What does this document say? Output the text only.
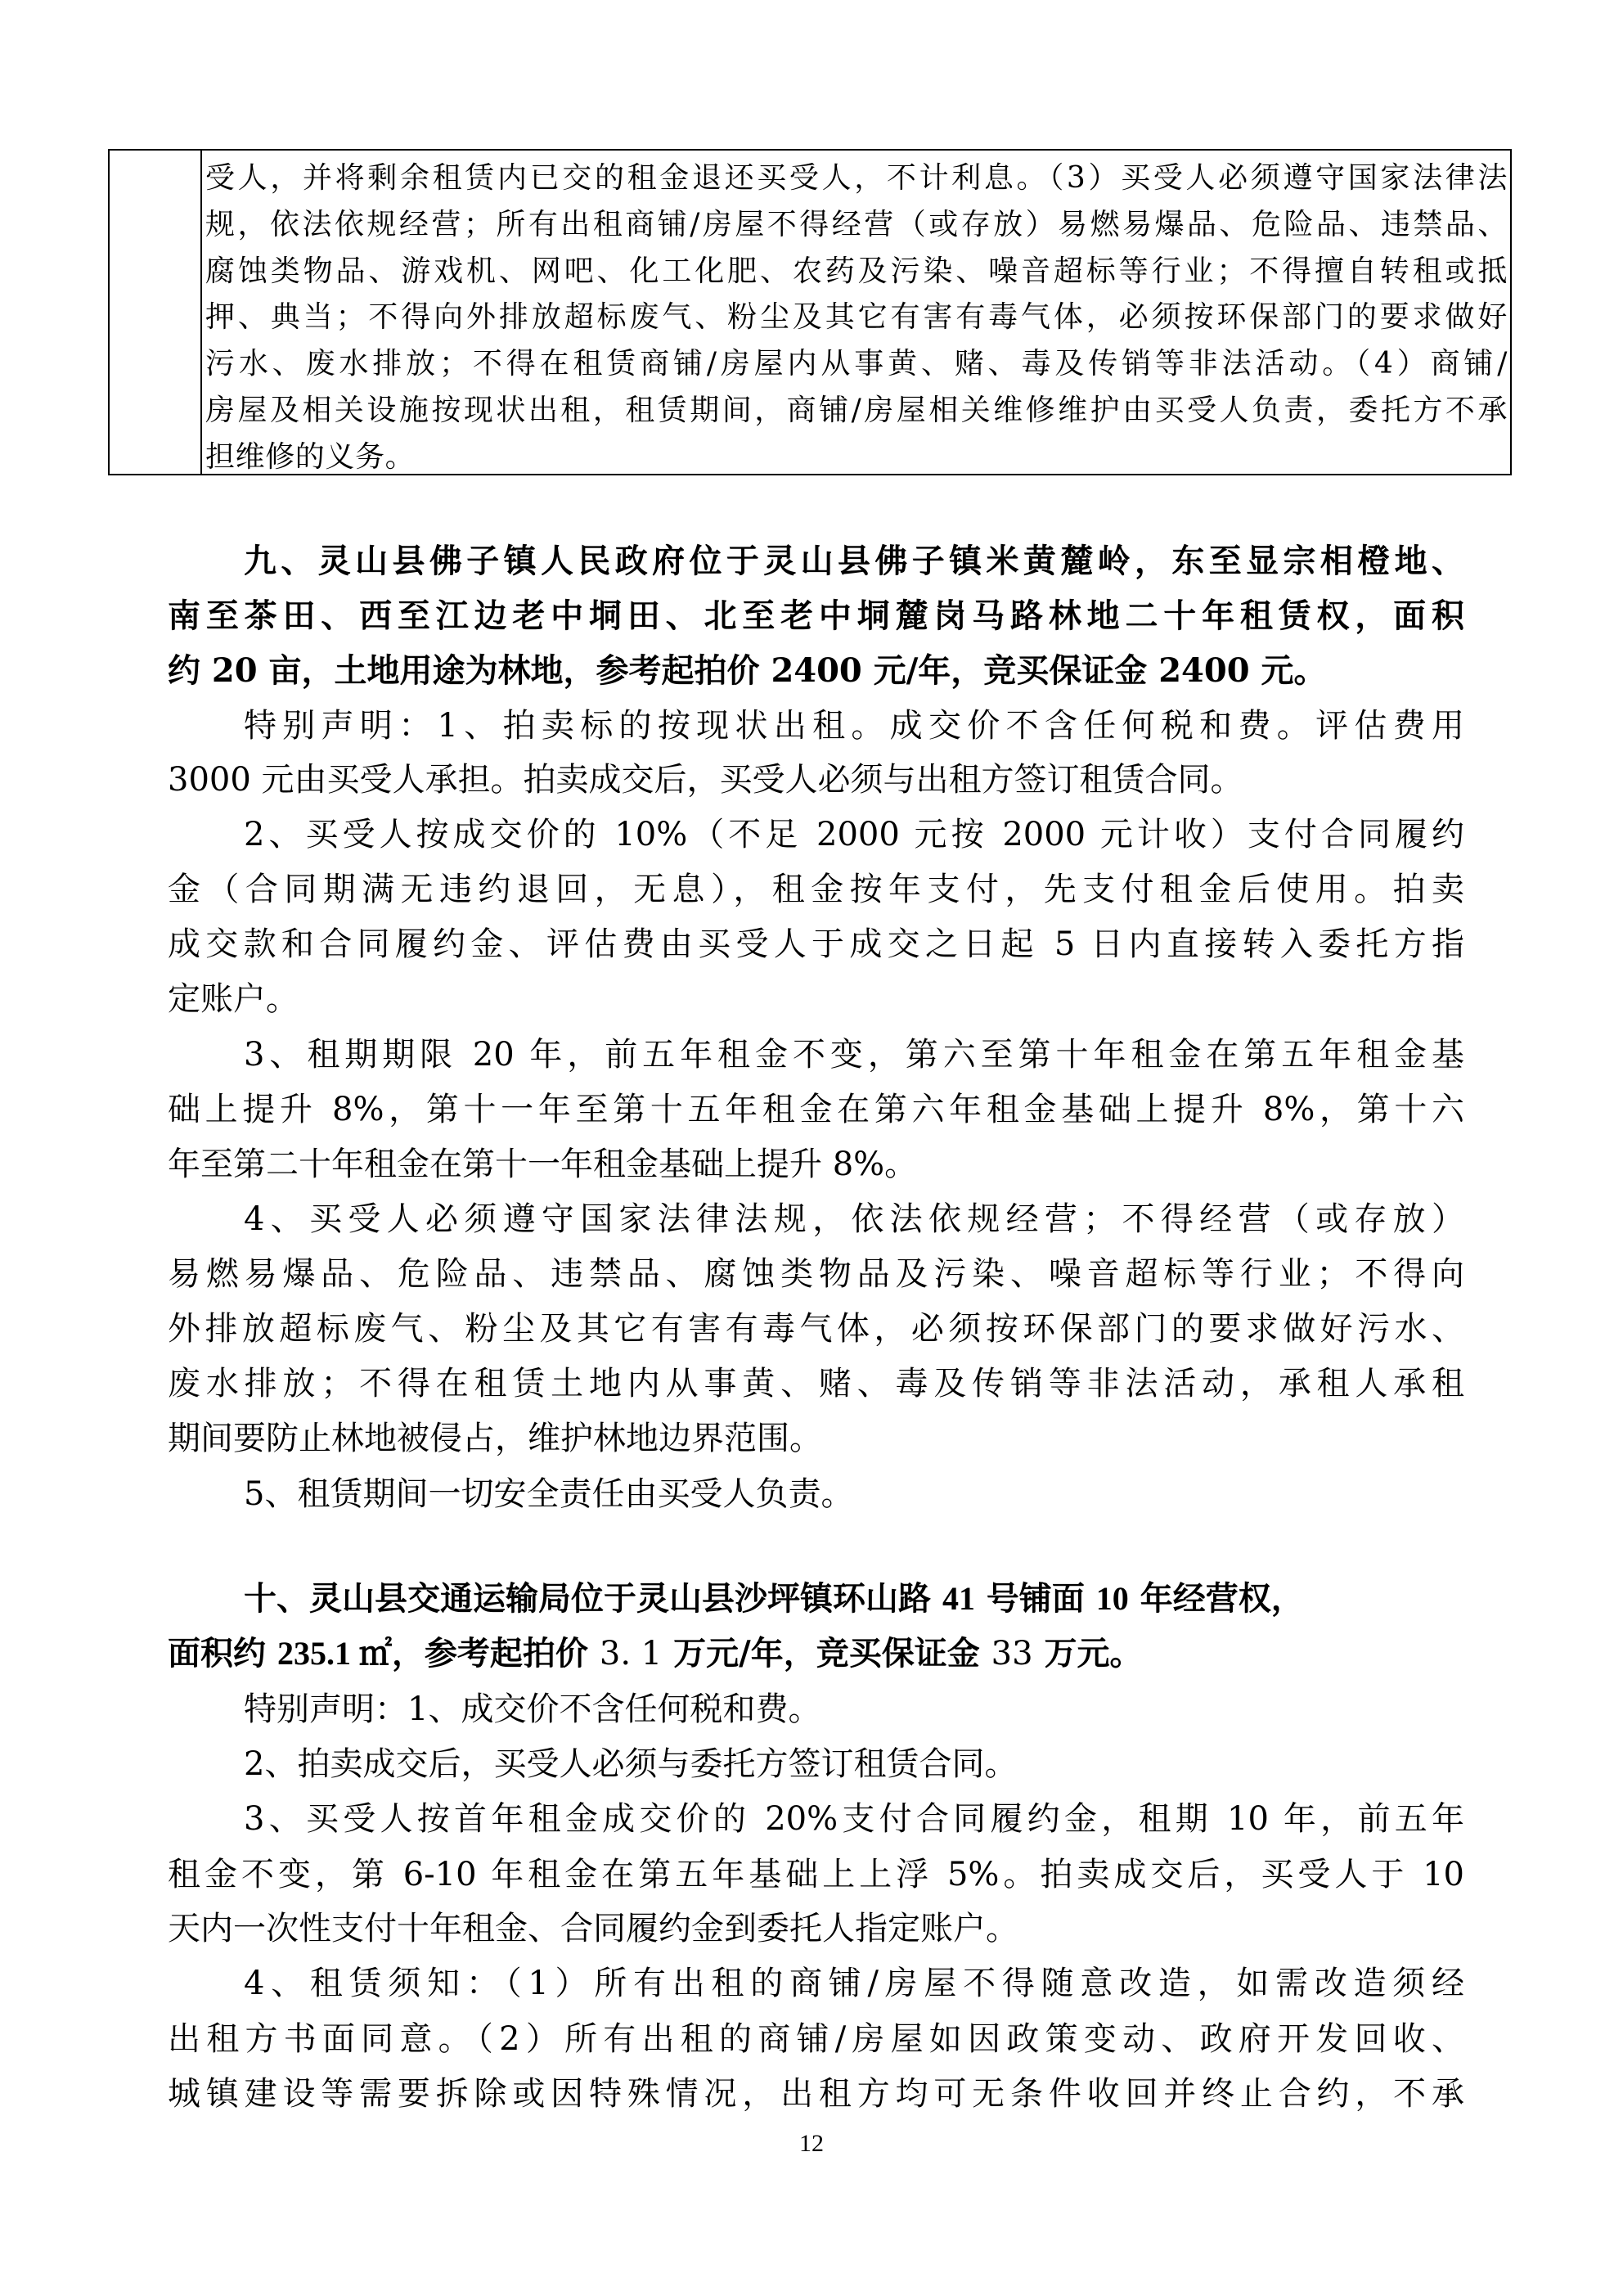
受人，并将剩余租赁内已交的租金退还买受人，不计利息。（3）买受人必须遵守国家法律法
规，依法依规经营；所有出租商铺/房屋不得经营（或存放）易燃易爆品、危险品、违禁品、
腐蚀类物品、游戏机、网吧、化工化肥、农药及污染、噪音超标等行业；不得擅自转租或抵
押、典当；不得向外排放超标废气、粉尘及其它有害有毒气体，必须按环保部门的要求做好
污水、废水排放；不得在租赁商铺/房屋内从事黄、赌、毒及传销等非法活动。（4）商铺/
房屋及相关设施按现状出租，租赁期间，商铺/房屋相关维修维护由买受人负责，委托方不承
担维修的义务。
九、灵山县佛子镇人民政府位于灵山县佛子镇米黄麓岭，东至显宗相橙地、
南至茶田、西至江边老中垌田、北至老中垌麓岗马路林地二十年租赁权，面积
约 20 亩，土地用途为林地，参考起拍价 2400 元/年，竞买保证金 2400 元。
特别声明：1、拍卖标的按现状出租。成交价不含任何税和费。评估费用
3000 元由买受人承担。拍卖成交后，买受人必须与出租方签订租赁合同。
2、买受人按成交价的 10%（不足 2000 元按 2000 元计收）支付合同履约
金（合同期满无违约退回，无息），租金按年支付，先支付租金后使用。拍卖
成交款和合同履约金、评估费由买受人于成交之日起 5 日内直接转入委托方指
定账户。
3、租期期限 20 年，前五年租金不变，第六至第十年租金在第五年租金基
础上提升 8%，第十一年至第十五年租金在第六年租金基础上提升 8%，第十六
年至第二十年租金在第十一年租金基础上提升 8%。
4、买受人必须遵守国家法律法规，依法依规经营；不得经营（或存放）
易燃易爆品、危险品、违禁品、腐蚀类物品及污染、噪音超标等行业；不得向
外排放超标废气、粉尘及其它有害有毒气体，必须按环保部门的要求做好污水、
废水排放；不得在租赁土地内从事黄、赌、毒及传销等非法活动，承租人承租
期间要防止林地被侵占，维护林地边界范围。
5、租赁期间一切安全责任由买受人负责。
十、灵山县交通运输局位于灵山县沙坪镇环山路 41 号铺面 10 年经营权，
面积约 235.1 ㎡，参考起拍价 3. 1 万元/年，竞买保证金 33 万元。
特别声明：1、成交价不含任何税和费。
2、拍卖成交后，买受人必须与委托方签订租赁合同。
3、买受人按首年租金成交价的 20%支付合同履约金，租期 10 年，前五年
租金不变，第 6-10 年租金在第五年基础上上浮 5%。拍卖成交后，买受人于 10
天内一次性支付十年租金、合同履约金到委托人指定账户。
4、租赁须知：（1）所有出租的商铺/房屋不得随意改造，如需改造须经
出租方书面同意。（2）所有出租的商铺/房屋如因政策变动、政府开发回收、
城镇建设等需要拆除或因特殊情况，出租方均可无条件收回并终止合约，不承
12
